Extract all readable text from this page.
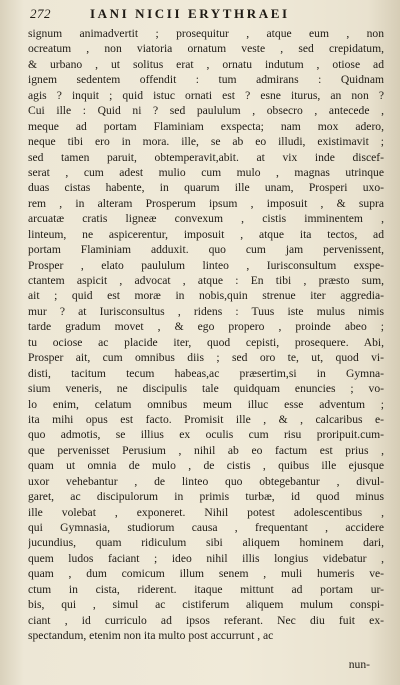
272	IANI NICII ERYTHRAEI
signum animadvertit ; prosequitur , atque eum , non
ocreatum , non viatoria ornatum veste , sed crepidatum,
& urbano , ut solitus erat , ornatu indutum , otiose ad
ignem sedentem offendit : tum admirans : Quidnam
agis ? inquit ; quid istuc ornati est ? esne iturus, an non ?
Cui ille : Quid ni ? sed paululum , obsecro , antecede ,
meque ad portam Flaminiam exspecta; nam mox adero,
neque tibi ero in mora. ille, se ab eo illudi, existimavit ;
sed tamen paruit, obtemperavit,abit. at vix inde discef-
serat , cum adest mulio cum mulo , magnas utrinque
duas cistas habente, in quarum ille unam, Prosperi uxo-
rem , in alteram Prosperum ipsum , imposuit , & supra
arcuatæ cratis ligneæ convexum , cistis imminentem ,
linteum, ne aspicerentur, imposuit , atque ita tectos, ad
portam Flaminiam adduxit. quo cum jam pervenissent,
Prosper , elato paululum linteo , Iurisconsultum exspe-
ctantem aspicit , advocat , atque : En tibi , præsto sum,
ait ; quid est moræ in nobis,quin strenue iter aggredia-
mur ? at Iurisconsultus , ridens : Tuus iste mulus nimis
tarde gradum movet , & ego propero , proinde abeo ;
tu ociose ac placide iter, quod cepisti, prosequere. Abi,
Prosper ait, cum omnibus diis ; sed oro te, ut, quod vi-
disti, tacitum tecum habeas,ac præsertim,si in Gymna-
sium veneris, ne discipulis tale quidquam enuncies ; vo-
lo enim, celatum omnibus meum illuc esse adventum ;
ita mihi opus est facto. Promisit ille , & , calcaribus e-
quo admotis, se illius ex oculis cum risu proripuit.cum-
que pervenisset Perusium , nihil ab eo factum est prius ,
quam ut omnia de mulo , de cistis , quibus ille ejusque
uxor vehebantur , de linteo quo obtegebantur , divul-
garet, ac discipulorum in primis turbæ, id quod minus
ille volebat , exponeret. Nihil potest adolescentibus ,
qui Gymnasia, studiorum causa , frequentant , accidere
jucundius, quam ridiculum sibi aliquem hominem dari,
quem ludos faciant ; ideo nihil illis longius videbatur ,
quam , dum comicum illum senem , muli humeris ve-
ctum in cista, riderent. itaque mittunt ad portam ur-
bis, qui , simul ac cistiferum aliquem mulum conspi-
ciant , id curriculo ad ipsos referant. Nec diu fuit ex-
spectandum, etenim non ita multo post accurrunt , ac
nun-
